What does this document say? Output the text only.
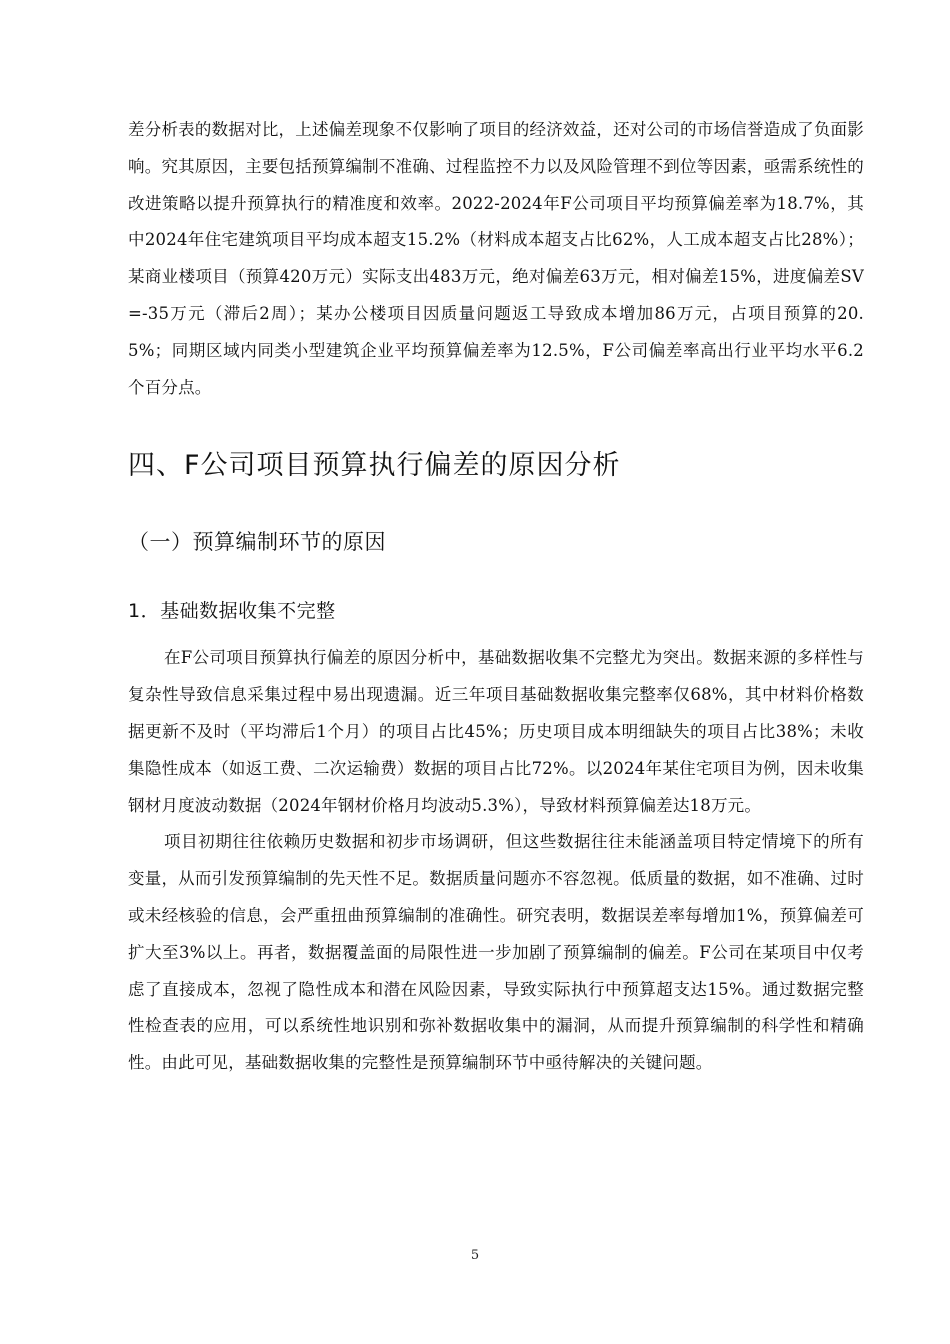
差分析表的数据对比，上述偏差现象不仅影响了项目的经济效益，还对公司的市场信誉造成了负面影响。究其原因，主要包括预算编制不准确、过程监控不力以及风险管理不到位等因素，亟需系统性的改进策略以提升预算执行的精准度和效率。2022-2024年F公司项目平均预算偏差率为18.7%，其中2024年住宅建筑项目平均成本超支15.2%（材料成本超支占比62%，人工成本超支占比28%）；某商业楼项目（预算420万元）实际支出483万元，绝对偏差63万元，相对偏差15%，进度偏差SV=-35万元（滞后2周）；某办公楼项目因质量问题返工导致成本增加86万元，占项目预算的20.5%；同期区域内同类小型建筑企业平均预算偏差率为12.5%，F公司偏差率高出行业平均水平6.2个百分点。

四、F公司项目预算执行偏差的原因分析
（一）预算编制环节的原因
1．基础数据收集不完整

在F公司项目预算执行偏差的原因分析中，基础数据收集不完整尤为突出。数据来源的多样性与复杂性导致信息采集过程中易出现遗漏。近三年项目基础数据收集完整率仅68%，其中材料价格数据更新不及时（平均滞后1个月）的项目占比45%；历史项目成本明细缺失的项目占比38%；未收集隐性成本（如返工费、二次运输费）数据的项目占比72%。以2024年某住宅项目为例，因未收集钢材月度波动数据（2024年钢材价格月均波动5.3%），导致材料预算偏差达18万元。

项目初期往往依赖历史数据和初步市场调研，但这些数据往往未能涵盖项目特定情境下的所有变量，从而引发预算编制的先天性不足。数据质量问题亦不容忽视。低质量的数据，如不准确、过时或未经核验的信息，会严重扭曲预算编制的准确性。研究表明，数据误差率每增加1%，预算偏差可扩大至3%以上。再者，数据覆盖面的局限性进一步加剧了预算编制的偏差。F公司在某项目中仅考虑了直接成本，忽视了隐性成本和潜在风险因素，导致实际执行中预算超支达15%。通过数据完整性检查表的应用，可以系统性地识别和弥补数据收集中的漏洞，从而提升预算编制的科学性和精确性。由此可见，基础数据收集的完整性是预算编制环节中亟待解决的关键问题。

5
